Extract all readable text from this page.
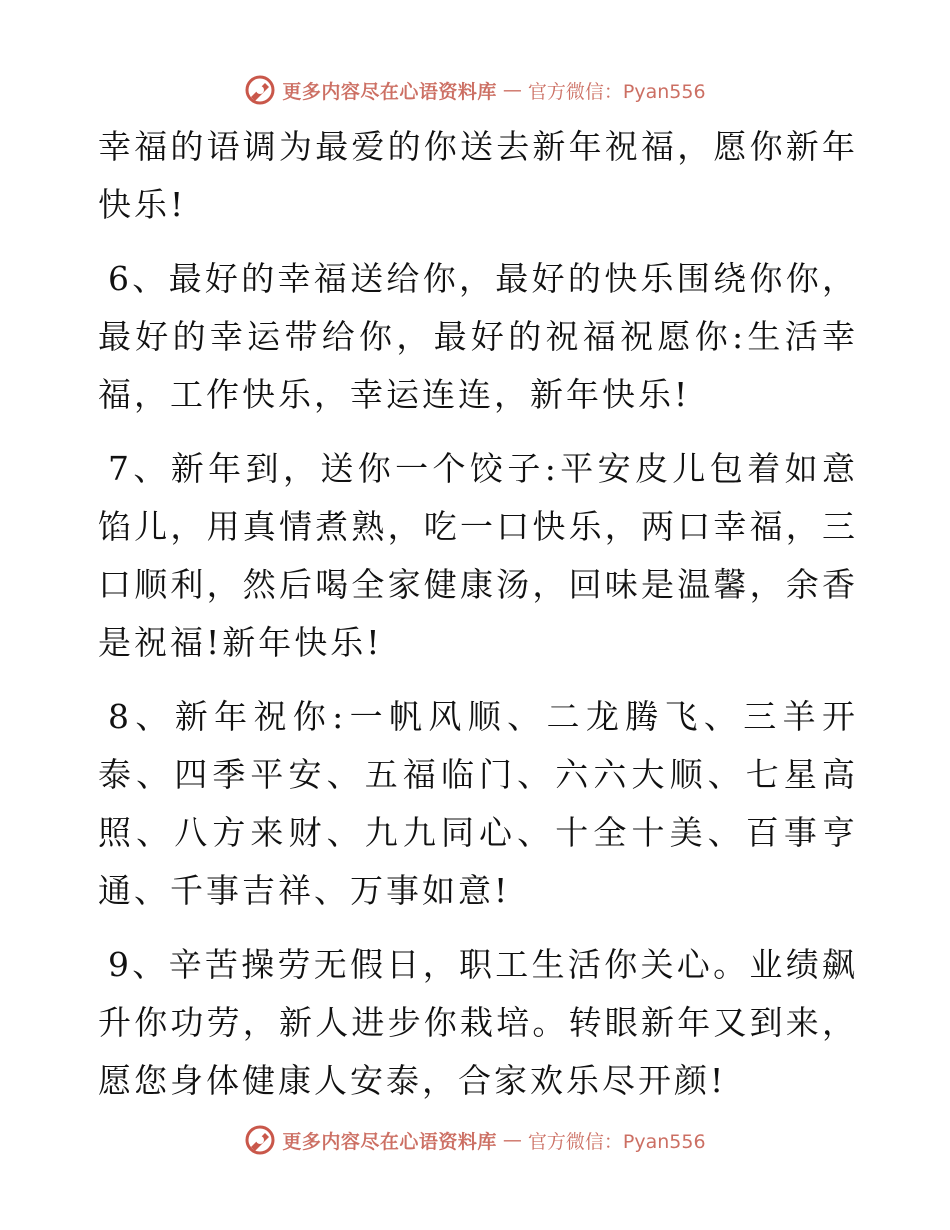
更多内容尽在心语资料库 — 官方微信：Pyan556

幸福的语调为最爱的你送去新年祝福，愿你新年快乐!

6、最好的幸福送给你，最好的快乐围绕你你，最好的幸运带给你，最好的祝福祝愿你:生活幸福，工作快乐，幸运连连，新年快乐!

7、新年到，送你一个饺子:平安皮儿包着如意馅儿，用真情煮熟，吃一口快乐，两口幸福，三口顺利，然后喝全家健康汤，回味是温馨，余香是祝福!新年快乐!

8、新年祝你:一帆风顺、二龙腾飞、三羊开泰、四季平安、五福临门、六六大顺、七星高照、八方来财、九九同心、十全十美、百事亨通、千事吉祥、万事如意!

9、辛苦操劳无假日，职工生活你关心。业绩飙升你功劳，新人进步你栽培。转眼新年又到来，愿您身体健康人安泰，合家欢乐尽开颜!

更多内容尽在心语资料库 — 官方微信：Pyan556
